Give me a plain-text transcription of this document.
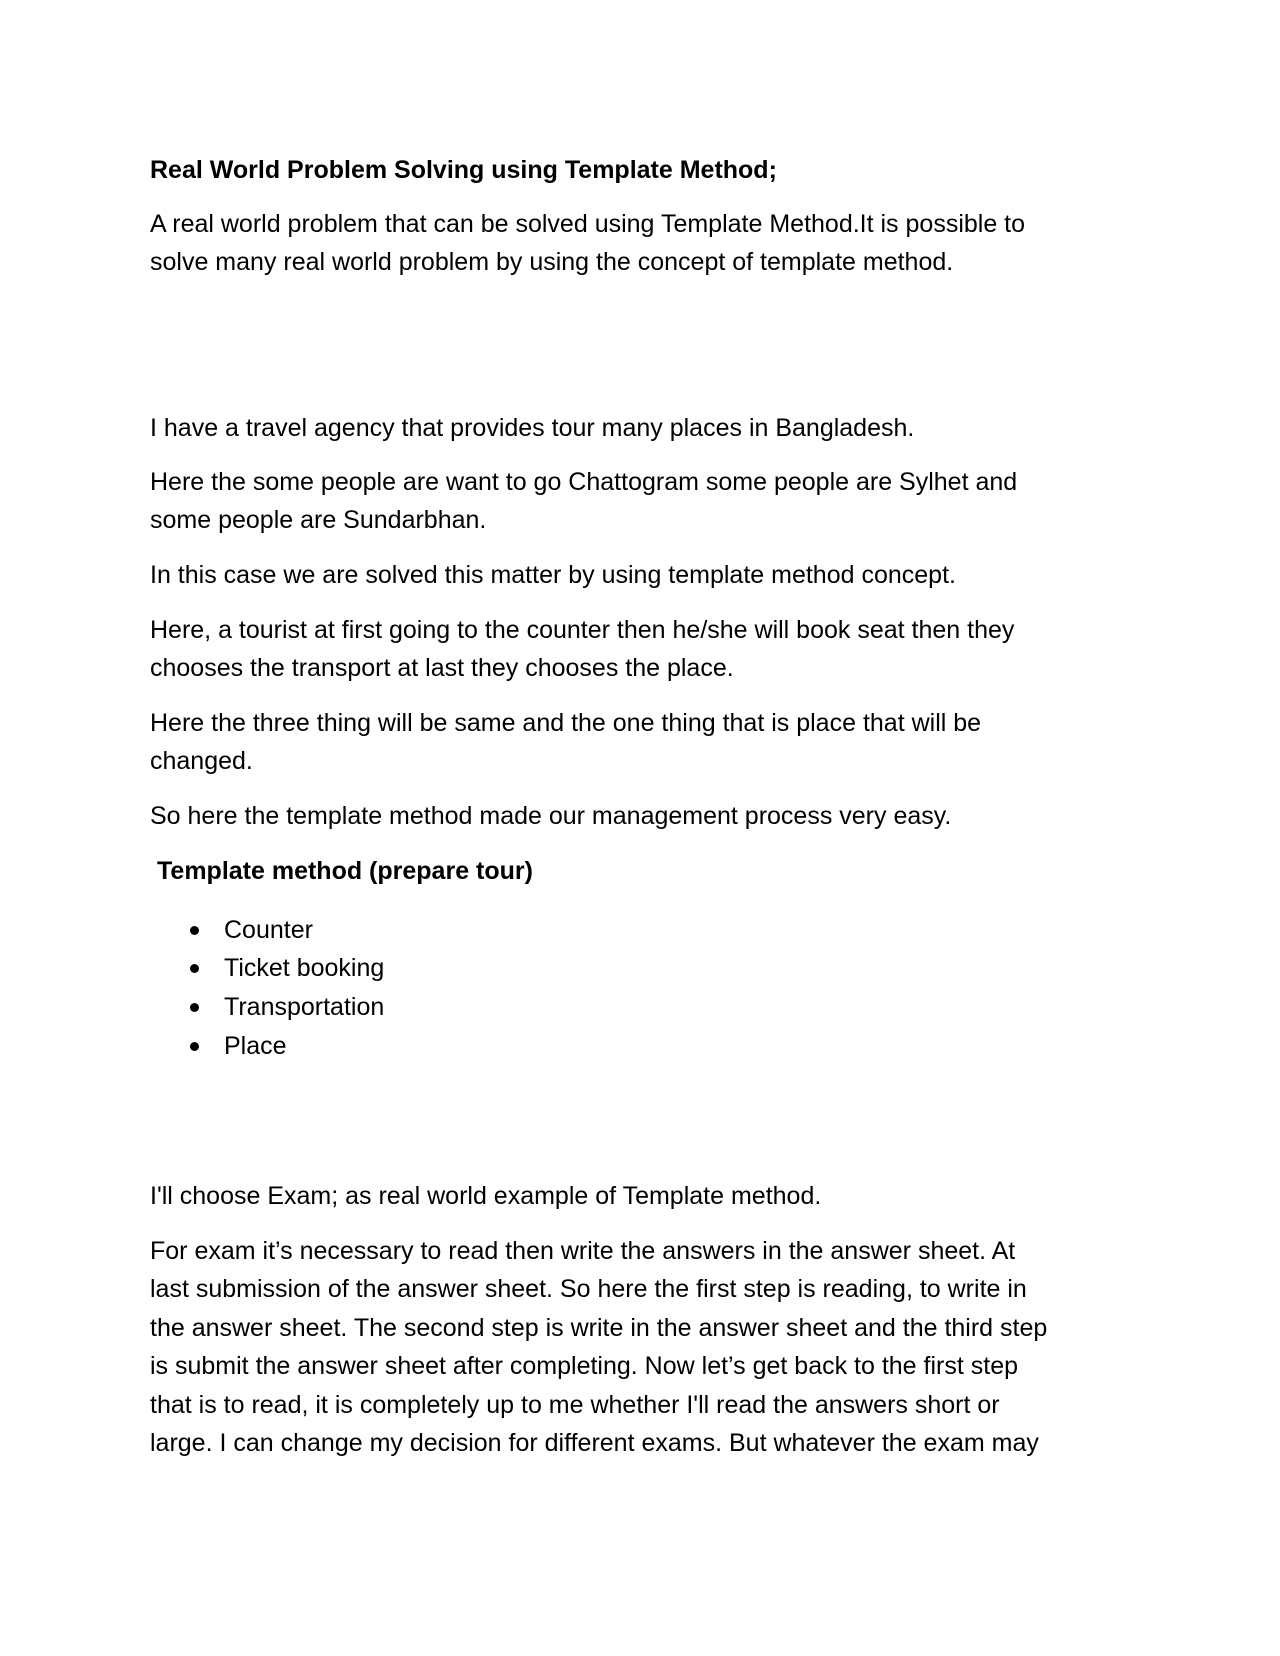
Real World Problem Solving using Template Method;
A real world problem that can be solved using Template Method.It is possible to
solve many real world problem by using the concept of template method.
I have a travel agency that provides tour many places in Bangladesh.
Here the some people are want to go Chattogram some people are Sylhet and
some people are Sundarbhan.
In this case we are solved this matter by using template method concept.
Here, a tourist at first going to the counter then he/she will book seat then they
chooses the transport at last they chooses the place.
Here the three thing will be same and the one thing that is place that will be
changed.
So here the template method made our management process very easy.
Template method (prepare tour)
Counter
Ticket booking
Transportation
Place
I'll choose Exam; as real world example of Template method.
For exam it’s necessary to read then write the answers in the answer sheet. At
last submission of the answer sheet. So here the first step is reading, to write in
the answer sheet. The second step is write in the answer sheet and the third step
is submit the answer sheet after completing. Now let’s get back to the first step
that is to read, it is completely up to me whether I'll read the answers short or
large. I can change my decision for different exams. But whatever the exam may
